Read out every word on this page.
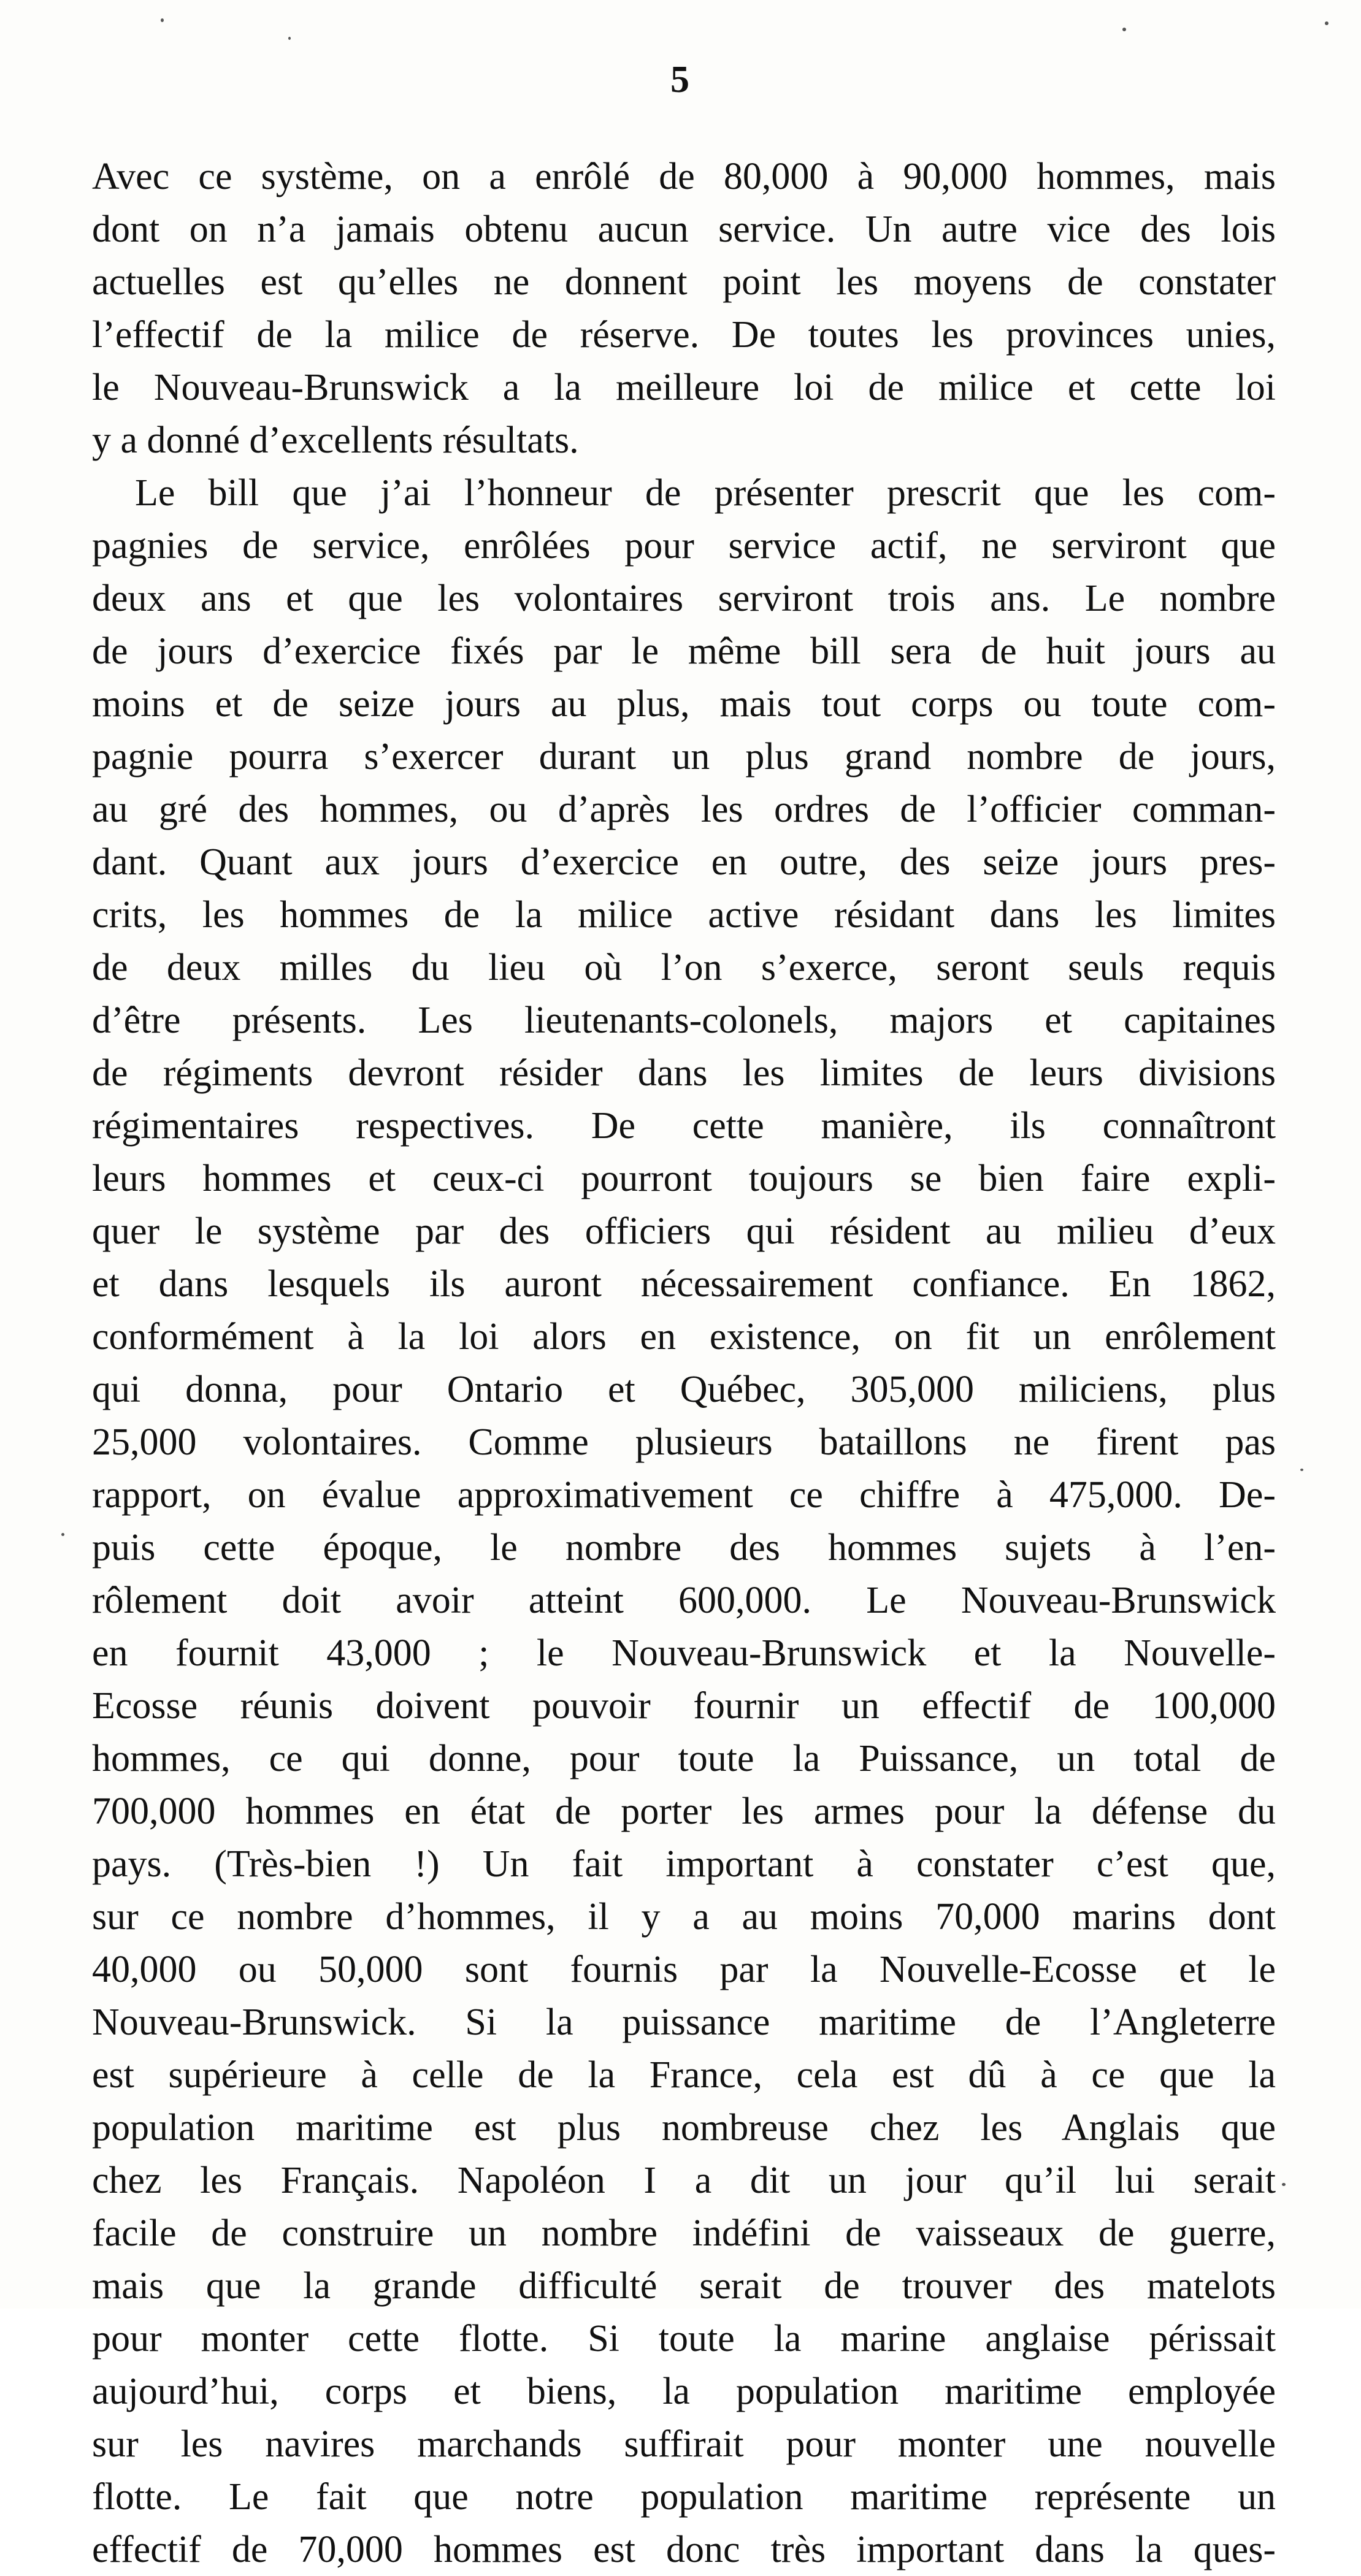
5
Avec ce système, on a enrôlé de 80,000 à 90,000 hommes, mais
dont on n’a jamais obtenu aucun service. Un autre vice des lois
actuelles est qu’elles ne donnent point les moyens de constater
l’effectif de la milice de réserve. De toutes les provinces unies,
le Nouveau-Brunswick a la meilleure loi de milice et cette loi
y a donné d’excellents résultats.
Le bill que j’ai l’honneur de présenter prescrit que les com-
pagnies de service, enrôlées pour service actif, ne serviront que
deux ans et que les volontaires serviront trois ans. Le nombre
de jours d’exercice fixés par le même bill sera de huit jours au
moins et de seize jours au plus, mais tout corps ou toute com-
pagnie pourra s’exercer durant un plus grand nombre de jours,
au gré des hommes, ou d’après les ordres de l’officier comman-
dant. Quant aux jours d’exercice en outre, des seize jours pres-
crits, les hommes de la milice active résidant dans les limites
de deux milles du lieu où l’on s’exerce, seront seuls requis
d’être présents. Les lieutenants-colonels, majors et capitaines
de régiments devront résider dans les limites de leurs divisions
régimentaires respectives. De cette manière, ils connaîtront
leurs hommes et ceux-ci pourront toujours se bien faire expli-
quer le système par des officiers qui résident au milieu d’eux
et dans lesquels ils auront nécessairement confiance. En 1862,
conformément à la loi alors en existence, on fit un enrôlement
qui donna, pour Ontario et Québec, 305,000 miliciens, plus
25,000 volontaires. Comme plusieurs bataillons ne firent pas
rapport, on évalue approximativement ce chiffre à 475,000. De-
puis cette époque, le nombre des hommes sujets à l’en-
rôlement doit avoir atteint 600,000. Le Nouveau-Brunswick
en fournit 43,000 ; le Nouveau-Brunswick et la Nouvelle-
Ecosse réunis doivent pouvoir fournir un effectif de 100,000
hommes, ce qui donne, pour toute la Puissance, un total de
700,000 hommes en état de porter les armes pour la défense du
pays. (Très-bien !) Un fait important à constater c’est que,
sur ce nombre d’hommes, il y a au moins 70,000 marins dont
40,000 ou 50,000 sont fournis par la Nouvelle-Ecosse et le
Nouveau-Brunswick. Si la puissance maritime de l’Angleterre
est supérieure à celle de la France, cela est dû à ce que la
population maritime est plus nombreuse chez les Anglais que
chez les Français. Napoléon I a dit un jour qu’il lui serait
facile de construire un nombre indéfini de vaisseaux de guerre,
mais que la grande difficulté serait de trouver des matelots
pour monter cette flotte. Si toute la marine anglaise périssait
aujourd’hui, corps et biens, la population maritime employée
sur les navires marchands suffirait pour monter une nouvelle
flotte. Le fait que notre population maritime représente un
effectif de 70,000 hommes est donc très important dans la ques-
